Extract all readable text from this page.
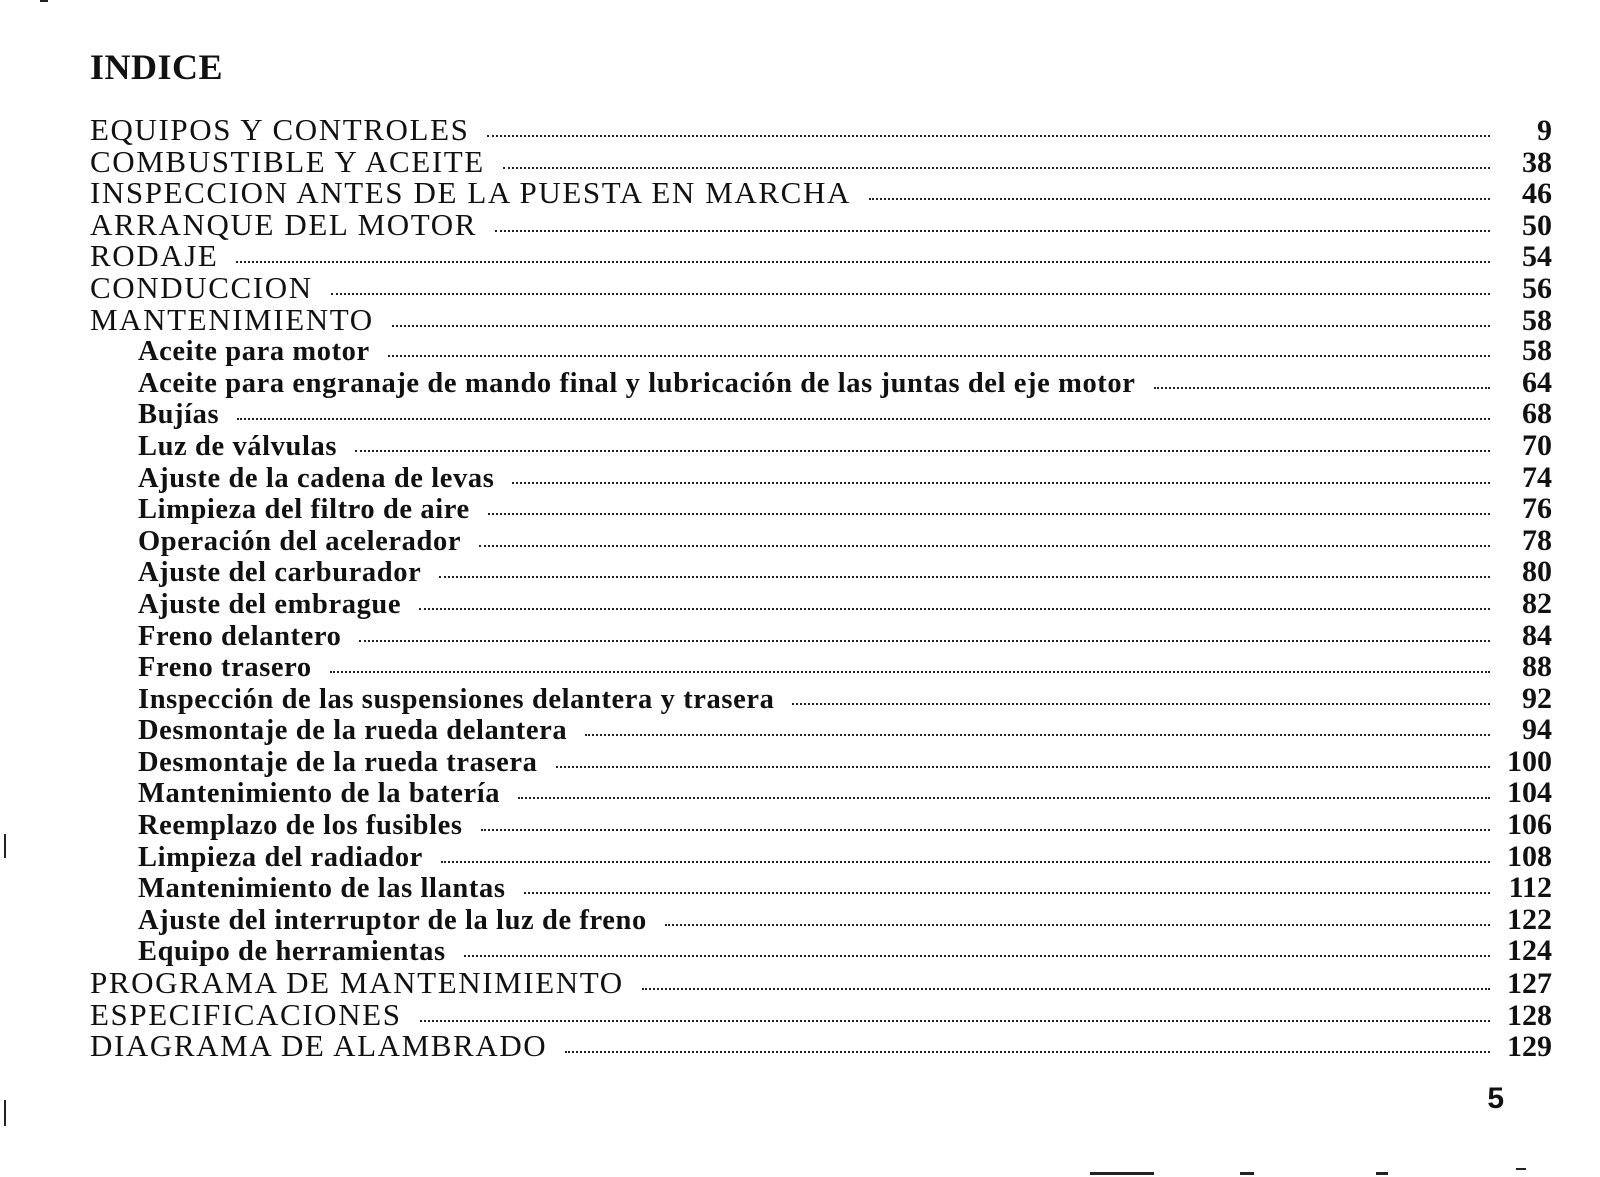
INDICE
EQUIPOS Y CONTROLES	9
COMBUSTIBLE Y ACEITE	38
INSPECCION ANTES DE LA PUESTA EN MARCHA	46
ARRANQUE DEL MOTOR	50
RODAJE	54
CONDUCCION	56
MANTENIMIENTO	58
Aceite para motor	58
Aceite para engranaje de mando final y lubricación de las juntas del eje motor	64
Bujías	68
Luz de válvulas	70
Ajuste de la cadena de levas	74
Limpieza del filtro de aire	76
Operación del acelerador	78
Ajuste del carburador	80
Ajuste del embrague	82
Freno delantero	84
Freno trasero	88
Inspección de las suspensiones delantera y trasera	92
Desmontaje de la rueda delantera	94
Desmontaje de la rueda trasera	100
Mantenimiento de la batería	104
Reemplazo de los fusibles	106
Limpieza del radiador	108
Mantenimiento de las llantas	112
Ajuste del interruptor de la luz de freno	122
Equipo de herramientas	124
PROGRAMA DE MANTENIMIENTO	127
ESPECIFICACIONES	128
DIAGRAMA DE ALAMBRADO	129
5
